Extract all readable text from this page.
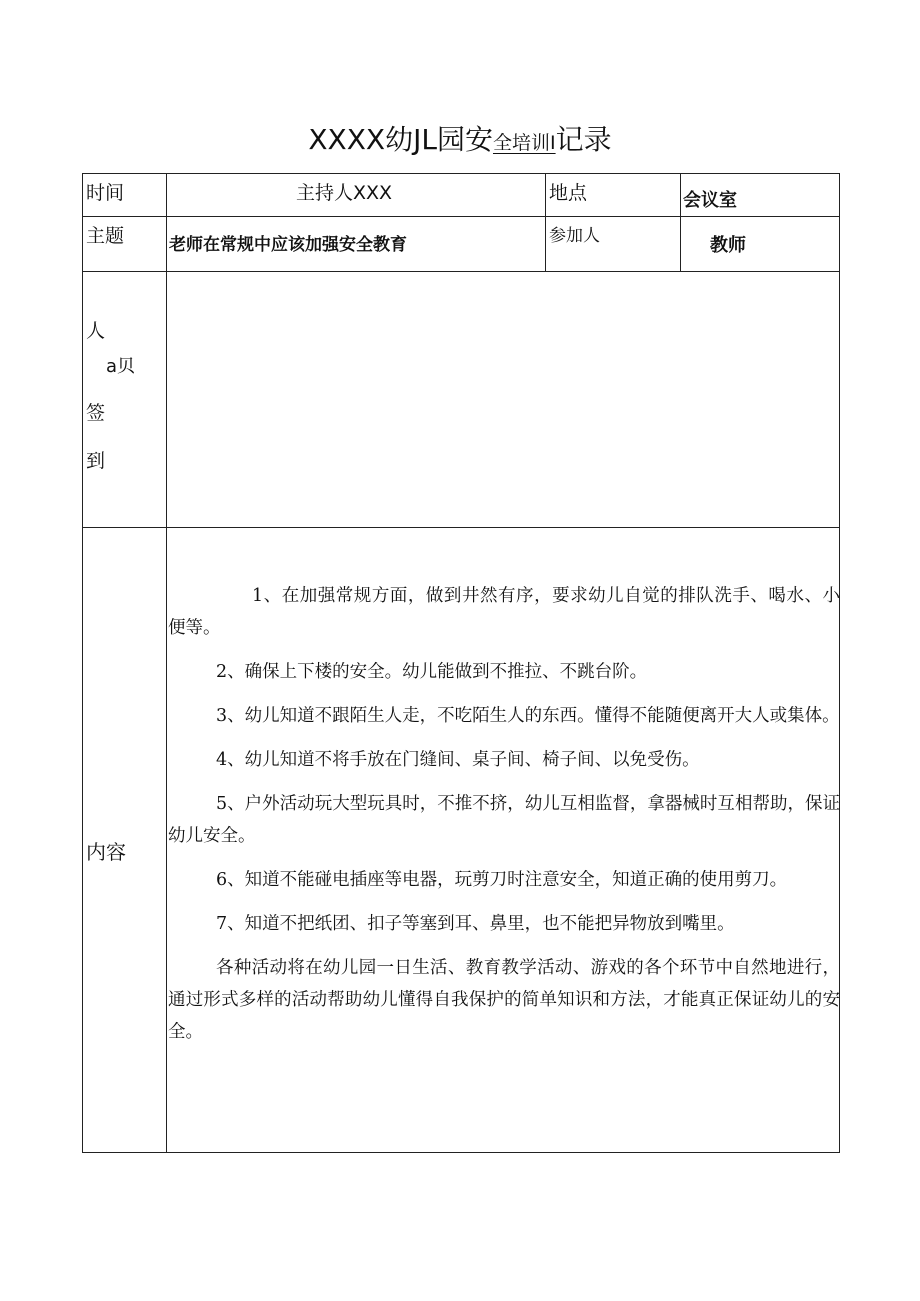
XXXX幼JL园安全培训I记录
时间	主持人XXX	地点	会议室
主题	老师在常规中应该加强安全教育	参加人	教师
人
a贝
签
到
内容

1、在加强常规方面，做到井然有序，要求幼儿自觉的排队洗手、喝水、小便等。

2、确保上下楼的安全。幼儿能做到不推拉、不跳台阶。

3、幼儿知道不跟陌生人走，不吃陌生人的东西。懂得不能随便离开大人或集体。

4、幼儿知道不将手放在门缝间、桌子间、椅子间、以免受伤。

5、户外活动玩大型玩具时，不推不挤，幼儿互相监督，拿器械时互相帮助，保证幼儿安全。

6、知道不能碰电插座等电器，玩剪刀时注意安全，知道正确的使用剪刀。

7、知道不把纸团、扣子等塞到耳、鼻里，也不能把异物放到嘴里。

各种活动将在幼儿园一日生活、教育教学活动、游戏的各个环节中自然地进行，通过形式多样的活动帮助幼儿懂得自我保护的简单知识和方法，才能真正保证幼儿的安全。
